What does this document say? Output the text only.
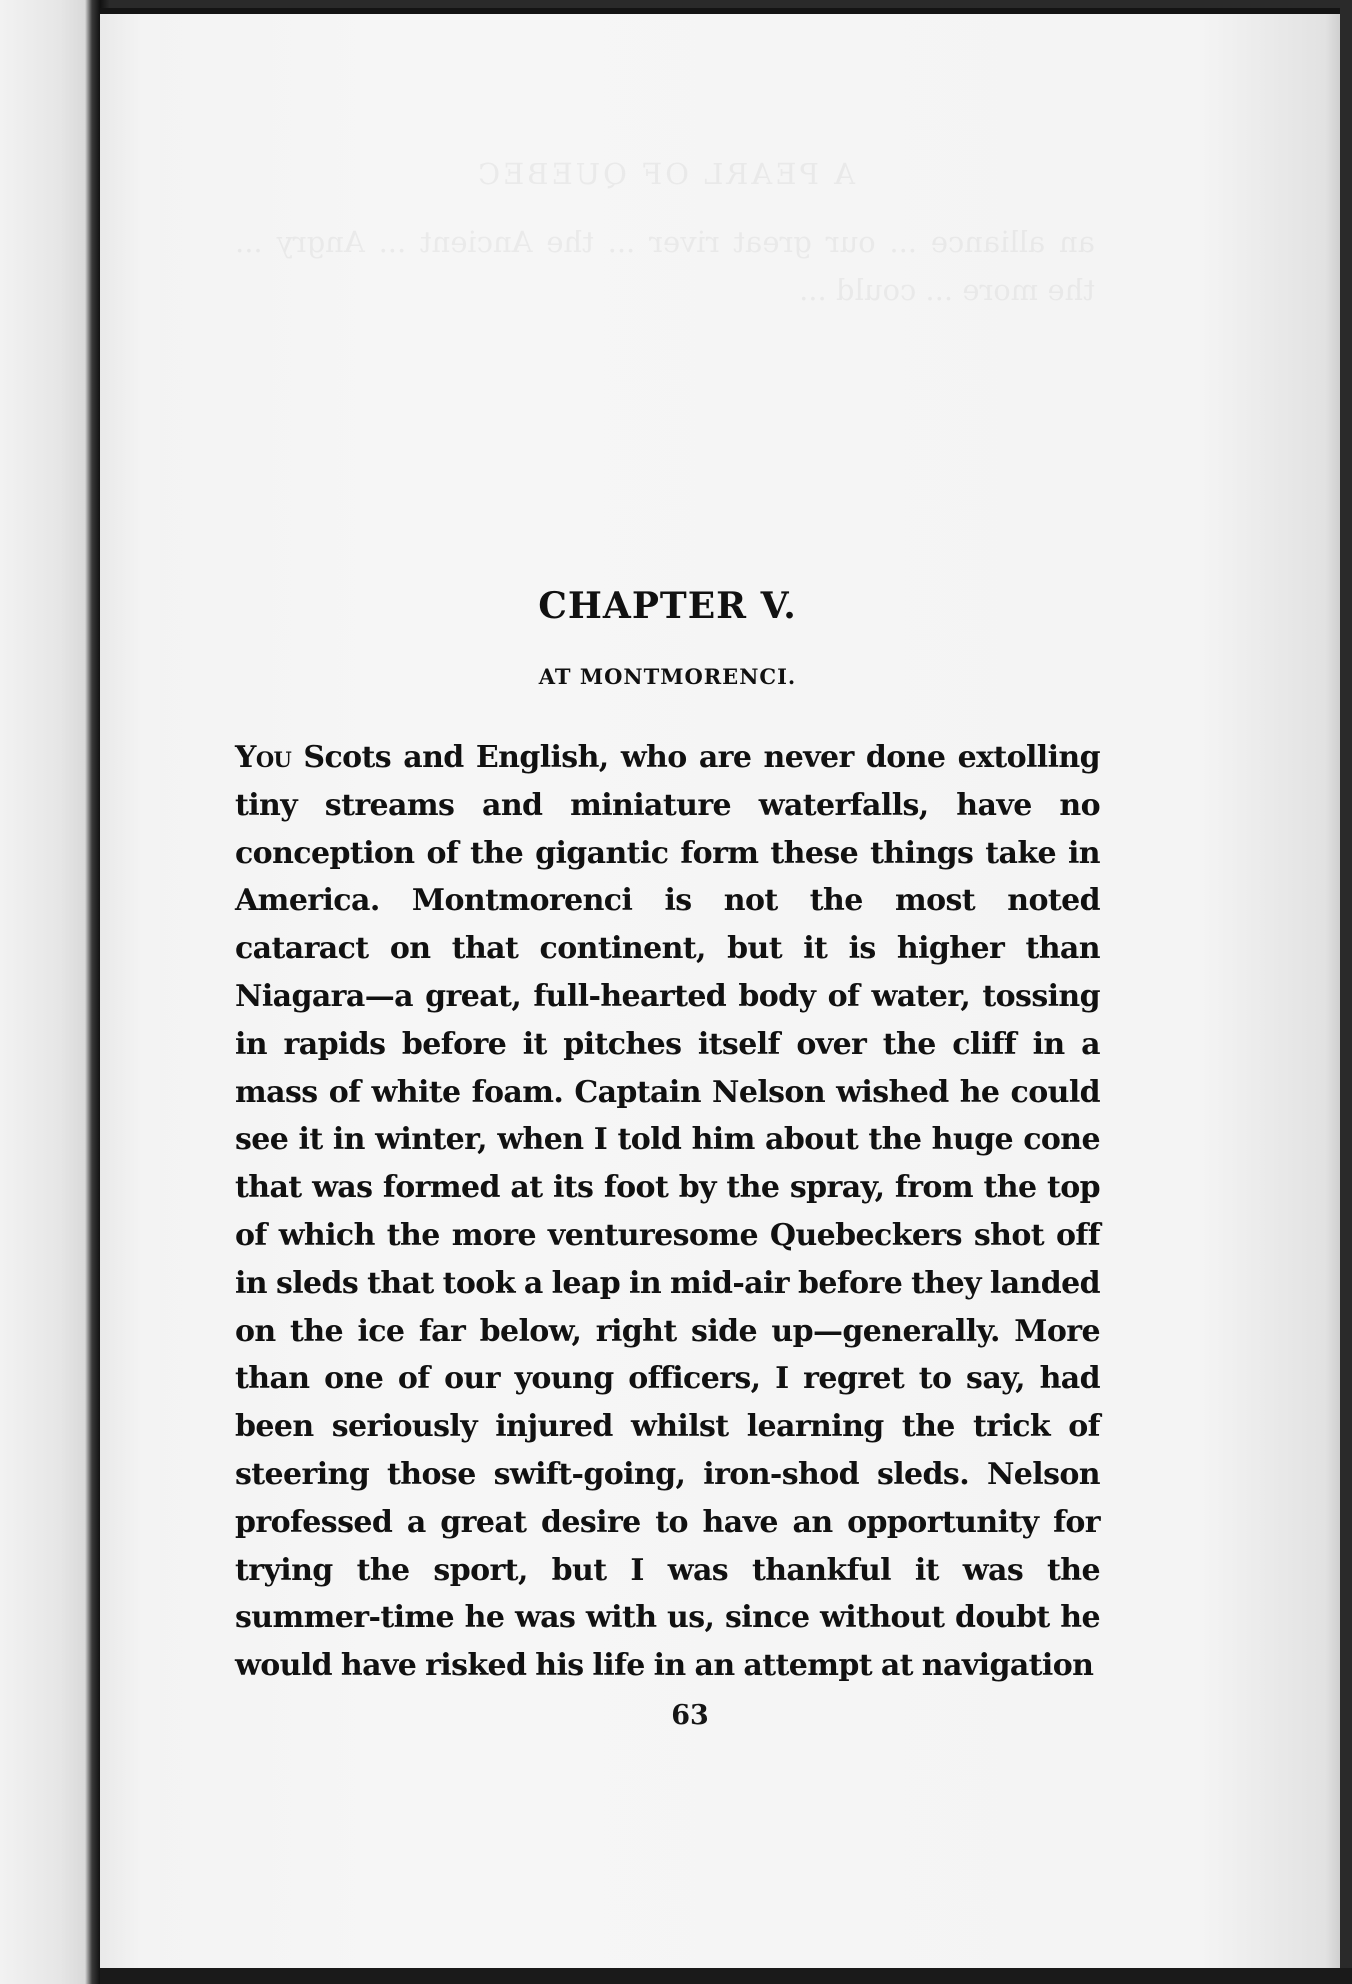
CHAPTER V.
AT MONTMORENCI.

You Scots and English, who are never done extolling tiny streams and miniature waterfalls, have no conception of the gigantic form these things take in America. Montmorenci is not the most noted cataract on that continent, but it is higher than Niagara—a great, full-hearted body of water, tossing in rapids before it pitches itself over the cliff in a mass of white foam. Captain Nelson wished he could see it in winter, when I told him about the huge cone that was formed at its foot by the spray, from the top of which the more venturesome Quebeckers shot off in sleds that took a leap in mid-air before they landed on the ice far below, right side up—generally. More than one of our young officers, I regret to say, had been seriously injured whilst learning the trick of steering those swift-going, iron-shod sleds. Nelson professed a great desire to have an opportunity for trying the sport, but I was thankful it was the summer-time he was with us, since without doubt he would have risked his life in an attempt at navigation

63
